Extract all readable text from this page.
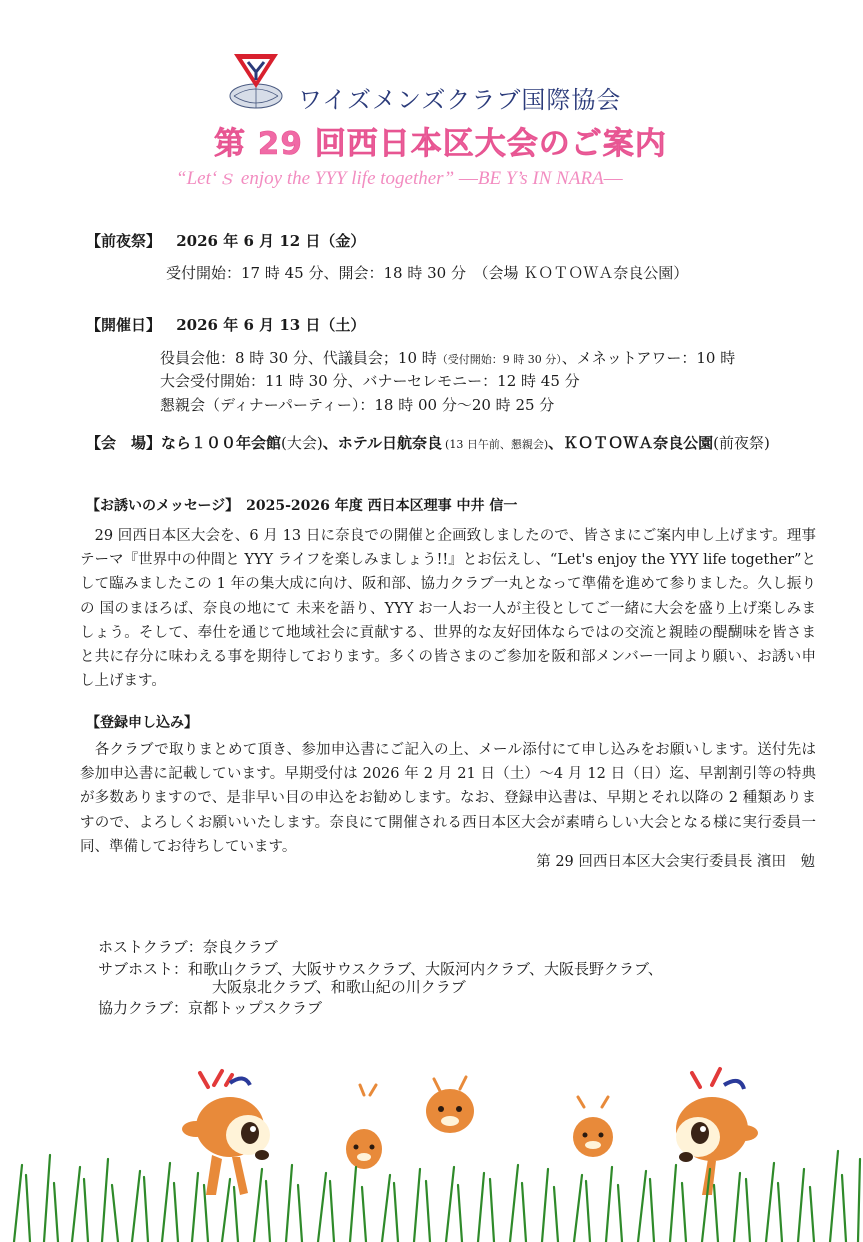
ワイズメンズクラブ国際協会
第 29 回西日本区大会のご案内
“Let‘ｓ enjoy the YYY life together” ―BE Y’s IN NARA―
【前夜祭】 2026 年 6 月 12 日（金）
受付開始：17 時 45 分、開会：18 時 30 分　（会場 ＫＯＴＯＷＡ奈良公園）
【開催日】 2026 年 6 月 13 日（土）
役員会他：8 時 30 分、代議員会；10 時（受付開始：9 時 30 分）、メネットアワー：10 時
大会受付開始：11 時 30 分、バナーセレモニー：12 時 45 分
懇親会（ディナーパーティー）：18 時 00 分～20 時 25 分
【会　場】なら１００年会館(大会)、ホテル日航奈良 (13 日午前、懇親会)、ＫＯＴＯＷＡ奈良公園(前夜祭)
【お誘いのメッセージ】　2025-2026 年度 西日本区理事 中井 信一
　29 回西日本区大会を、6 月 13 日に奈良での開催と企画致しましたので、皆さまにご案内申し上げます。理事テーマ『世界中の仲間と YYY ライフを楽しみましょう!!』とお伝えし、“Let's enjoy the YYY life together”として臨みましたこの 1 年の集大成に向け、阪和部、協力クラブ一丸となって準備を進めて参りました。久し振りの 国のまほろば、奈良の地にて 未来を語り、YYY お一人お一人が主役としてご一緒に大会を盛り上げ楽しみましょう。そして、奉仕を通じて地域社会に貢献する、世界的な友好団体ならではの交流と親睦の醍醐味を皆さまと共に存分に味わえる事を期待しております。多くの皆さまのご参加を阪和部メンバー一同より願い、お誘い申し上げます。
【登録申し込み】
　各クラブで取りまとめて頂き、参加申込書にご記入の上、メール添付にて申し込みをお願いします。送付先は参加申込書に記載しています。早期受付は 2026 年 2 月 21 日（土）～4 月 12 日（日）迄、早割割引等の特典が多数ありますので、是非早い目の申込をお勧めします。なお、登録申込書は、早期とそれ以降の 2 種類ありますので、よろしくお願いいたします。奈良にて開催される西日本区大会が素晴らしい大会となる様に実行委員一同、準備してお待ちしています。
第 29 回西日本区大会実行委員長 濱田　勉
ホストクラブ：奈良クラブ
サブホスト：和歌山クラブ、大阪サウスクラブ、大阪河内クラブ、大阪長野クラブ、
大阪泉北クラブ、和歌山紀の川クラブ
協力クラブ：京都トップスクラブ
